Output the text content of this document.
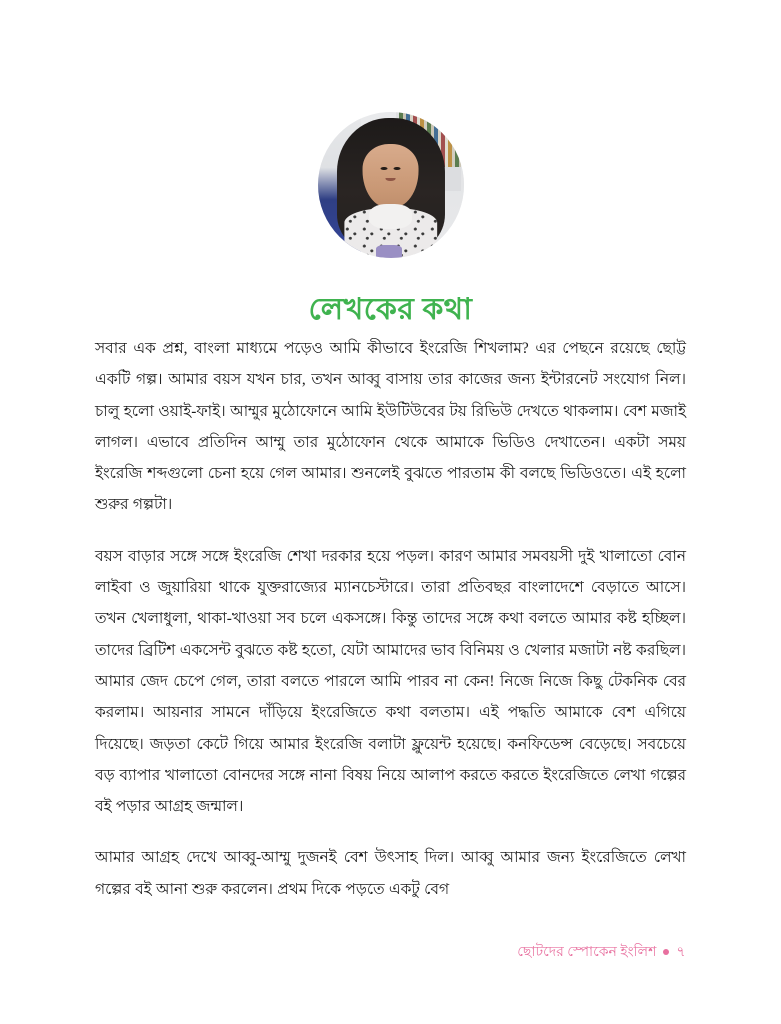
লেখকের কথা

সবার এক প্রশ্ন, বাংলা মাধ্যমে পড়েও আমি কীভাবে ইংরেজি শিখলাম? এর পেছনে রয়েছে ছোট্ট একটি গল্প। আমার বয়স যখন চার, তখন আব্বু বাসায় তার কাজের জন্য ইন্টারনেট সংযোগ নিল। চালু হলো ওয়াই-ফাই। আম্মুর মুঠোফোনে আমি ইউটিউবের টয় রিভিউ দেখতে থাকলাম। বেশ মজাই লাগল। এভাবে প্রতিদিন আম্মু তার মুঠোফোন থেকে আমাকে ভিডিও দেখাতেন। একটা সময় ইংরেজি শব্দগুলো চেনা হয়ে গেল আমার। শুনলেই বুঝতে পারতাম কী বলছে ভিডিওতে। এই হলো শুরুর গল্পটা।

বয়স বাড়ার সঙ্গে সঙ্গে ইংরেজি শেখা দরকার হয়ে পড়ল। কারণ আমার সমবয়সী দুই খালাতো বোন লাইবা ও জুয়ারিয়া থাকে যুক্তরাজ্যের ম্যানচেস্টারে। তারা প্রতিবছর বাংলাদেশে বেড়াতে আসে। তখন খেলাধুলা, থাকা-খাওয়া সব চলে একসঙ্গে। কিন্তু তাদের সঙ্গে কথা বলতে আমার কষ্ট হচ্ছিল। তাদের ব্রিটিশ একসেন্ট বুঝতে কষ্ট হতো, যেটা আমাদের ভাব বিনিময় ও খেলার মজাটা নষ্ট করছিল। আমার জেদ চেপে গেল, তারা বলতে পারলে আমি পারব না কেন! নিজে নিজে কিছু টেকনিক বের করলাম। আয়নার সামনে দাঁড়িয়ে ইংরেজিতে কথা বলতাম। এই পদ্ধতি আমাকে বেশ এগিয়ে দিয়েছে। জড়তা কেটে গিয়ে আমার ইংরেজি বলাটা ফ্লুয়েন্ট হয়েছে। কনফিডেন্স বেড়েছে। সবচেয়ে বড় ব্যাপার খালাতো বোনদের সঙ্গে নানা বিষয় নিয়ে আলাপ করতে করতে ইংরেজিতে লেখা গল্পের বই পড়ার আগ্রহ জন্মাল।

আমার আগ্রহ দেখে আব্বু-আম্মু দুজনই বেশ উৎসাহ দিল। আব্বু আমার জন্য ইংরেজিতে লেখা গল্পের বই আনা শুরু করলেন। প্রথম দিকে পড়তে একটু বেগ

ছোটদের স্পোকেন ইংলিশ ৭
